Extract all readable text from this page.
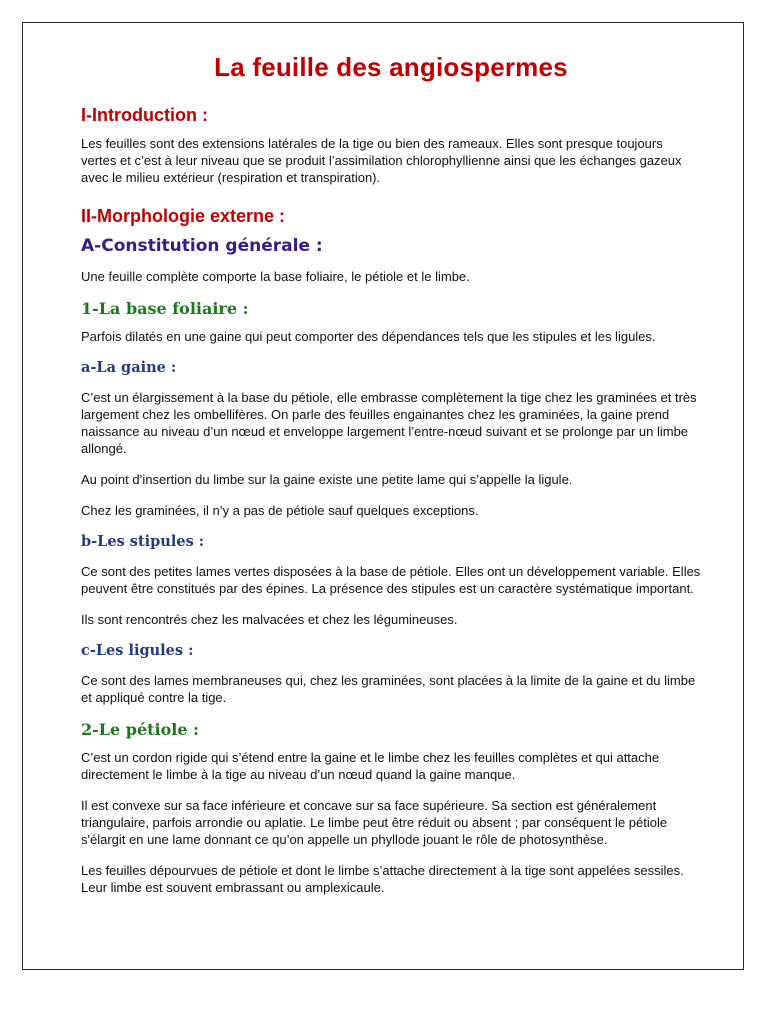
La feuille des angiospermes
I-Introduction :

Les feuilles sont des extensions latérales de la tige ou bien des rameaux. Elles sont presque toujours vertes et c’est à leur niveau que se produit l’assimilation chlorophyllienne ainsi que les échanges gazeux avec le milieu extérieur (respiration et transpiration).

II-Morphologie externe :
A-Constitution générale :

Une feuille complète comporte la base foliaire, le pétiole et le limbe.

1-La base foliaire :

Parfois dilatés en une gaine qui peut comporter des dépendances tels que les stipules et les ligules.

a-La gaine :

C’est un élargissement à la base du pétiole, elle embrasse complètement la tige chez les graminées et très largement chez les ombellifères. On parle des feuilles engainantes chez les graminées, la gaine prend naissance au niveau d’un nœud et enveloppe largement l’entre-nœud suivant et se prolonge par un limbe allongé.

Au point d’insertion du limbe sur la gaine existe une petite lame qui s’appelle la ligule.

Chez les graminées, il n’y a pas de pétiole sauf quelques exceptions.

b-Les stipules :

Ce sont des petites lames vertes disposées à la base de pétiole. Elles ont un développement variable. Elles peuvent être constitués par des épines. La présence des stipules est un caractère systématique important.

Ils sont rencontrés chez les malvacées et chez les légumineuses.

c-Les ligules :

Ce sont des lames membraneuses qui, chez les graminées, sont placées à la limite de la gaine et du limbe et appliqué contre la tige.

2-Le pétiole :

C’est un cordon rigide qui s’étend entre la gaine et le limbe chez les feuilles complètes et qui attache directement le limbe à la tige au niveau d’un nœud quand la gaine manque.

Il est convexe sur sa face inférieure et concave sur sa face supérieure. Sa section est généralement triangulaire, parfois arrondie ou aplatie. Le limbe peut être réduit ou absent ; par conséquent le pétiole s'élargit en une lame donnant ce qu’on appelle un phyllode jouant le rôle de photosynthèse.

Les feuilles dépourvues de pétiole et dont le limbe s’attache directement à la tige sont appelées sessiles. Leur limbe est souvent embrassant ou amplexicaule.
